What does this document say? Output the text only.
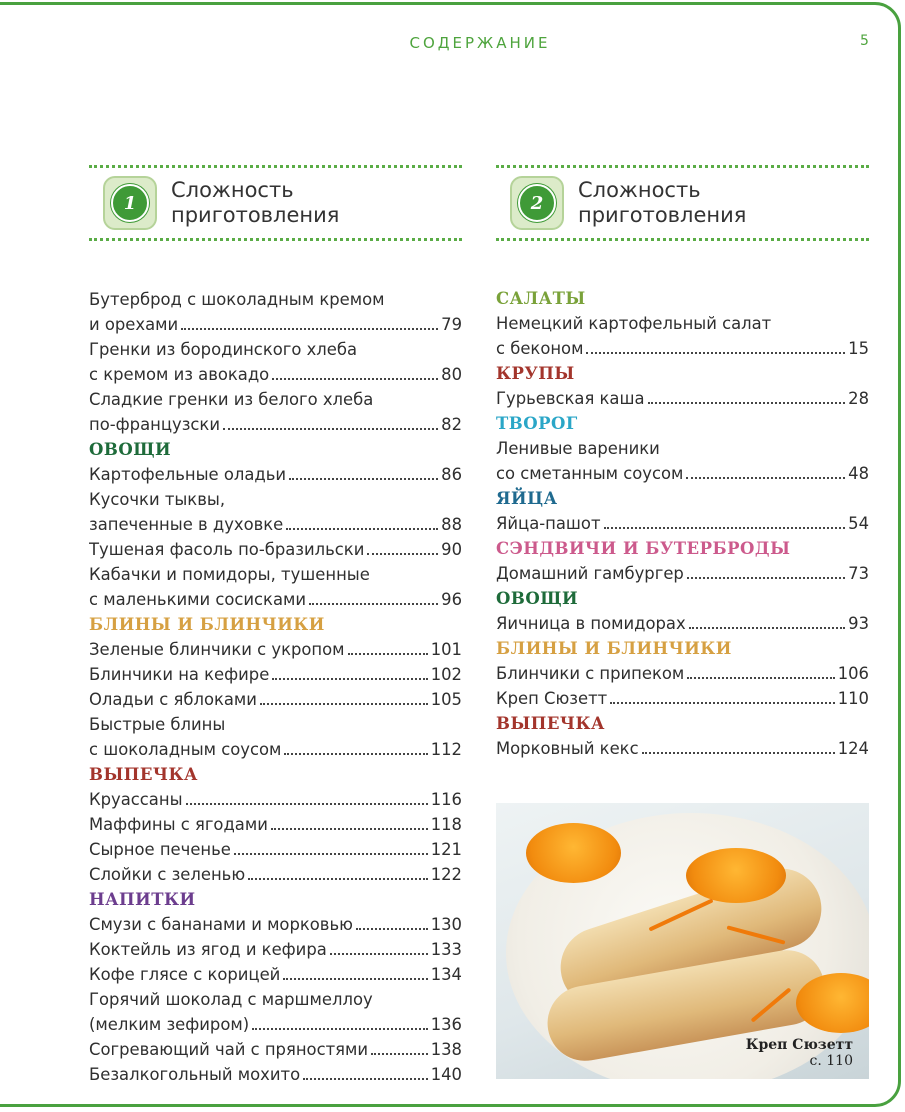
СОДЕРЖАНИЕ	5
1
Сложность
приготовления
Бутерброд с шоколадным кремом
и орехами	79
Гренки из бородинского хлеба
с кремом из авокадо	80
Сладкие гренки из белого хлеба
по-французски	82
ОВОЩИ
Картофельные оладьи	86
Кусочки тыквы,
запеченные в духовке	88
Тушеная фасоль по-бразильски	90
Кабачки и помидоры, тушенные
с маленькими сосисками	96
БЛИНЫ И БЛИНЧИКИ
Зеленые блинчики с укропом	101
Блинчики на кефире	102
Оладьи с яблоками	105
Быстрые блины
с шоколадным соусом	112
ВЫПЕЧКА
Круассаны	116
Маффины с ягодами	118
Сырное печенье	121
Слойки с зеленью	122
НАПИТКИ
Смузи с бананами и морковью	130
Коктейль из ягод и кефира	133
Кофе глясе с корицей	134
Горячий шоколад с маршмеллоу
(мелким зефиром)	136
Согревающий чай с пряностями	138
Безалкогольный мохито	140
2
Сложность
приготовления
САЛАТЫ
Немецкий картофельный салат
с беконом	15
КРУПЫ
Гурьевская каша	28
ТВОРОГ
Ленивые вареники
со сметанным соусом	48
ЯЙЦА
Яйца-пашот	54
СЭНДВИЧИ И БУТЕРБРОДЫ
Домашний гамбургер	73
ОВОЩИ
Яичница в помидорах	93
БЛИНЫ И БЛИНЧИКИ
Блинчики с припеком	106
Креп Сюзетт	110
ВЫПЕЧКА
Морковный кекс	124
Креп Сюзетт
с. 110
